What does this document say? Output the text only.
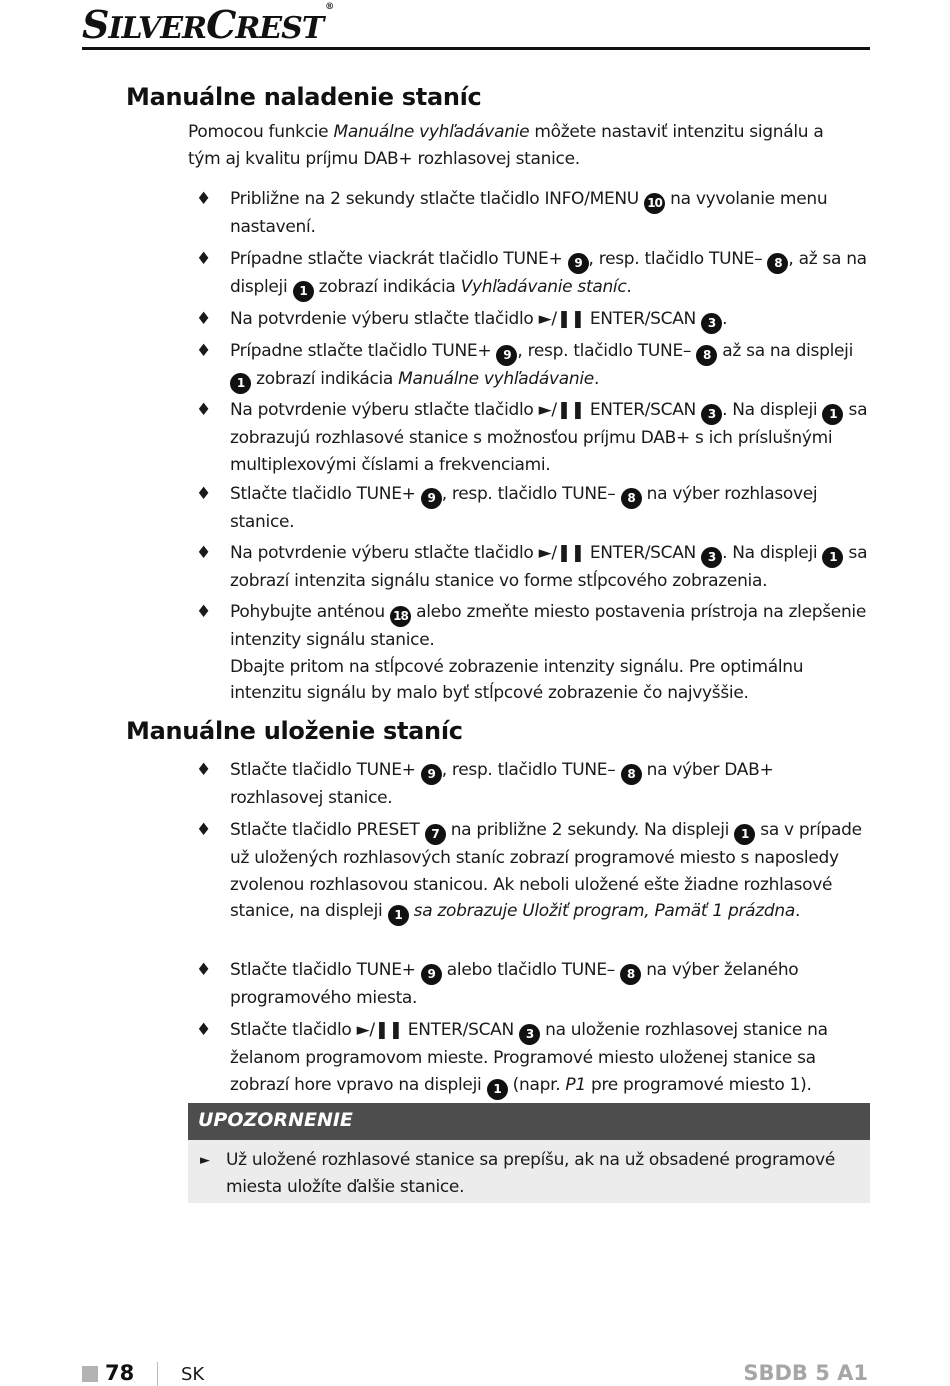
SILVERCREST®
Manuálne naladenie staníc

Pomocou funkcie Manuálne vyhľadávanie môžete nastaviť intenzitu signálu a tým aj kvalitu príjmu DAB+ rozhlasovej stanice.

♦ Približne na 2 sekundy stlačte tlačidlo INFO/MENU 10 na vyvolanie menu nastavení.
♦ Prípadne stlačte viackrát tlačidlo TUNE+ 9 , resp. tlačidlo TUNE– 8 , až sa na displeji 1 zobrazí indikácia Vyhľadávanie staníc.
♦ Na potvrdenie výberu stlačte tlačidlo ►/❚❚ ENTER/SCAN 3 .
♦ Prípadne stlačte tlačidlo TUNE+ 9 , resp. tlačidlo TUNE– 8 až sa na displeji 1 zobrazí indikácia Manuálne vyhľadávanie.
♦ Na potvrdenie výberu stlačte tlačidlo ►/❚❚ ENTER/SCAN 3 . Na displeji 1 sa zobrazujú rozhlasové stanice s možnosťou príjmu DAB+ s ich príslušnými multiplexovými číslami a frekvenciami.
♦ Stlačte tlačidlo TUNE+ 9 , resp. tlačidlo TUNE– 8 na výber rozhlasovej stanice.
♦ Na potvrdenie výberu stlačte tlačidlo ►/❚❚ ENTER/SCAN 3 . Na displeji 1 sa zobrazí intenzita signálu stanice vo forme stĺpcového zobrazenia.
♦ Pohybujte anténou 18 alebo zmeňte miesto postavenia prístroja na zlepšenie intenzity signálu stanice.
Dbajte pritom na stĺpcové zobrazenie intenzity signálu. Pre optimálnu intenzitu signálu by malo byť stĺpcové zobrazenie čo najvyššie.
Manuálne uloženie staníc
♦ Stlačte tlačidlo TUNE+ 9 , resp. tlačidlo TUNE– 8 na výber DAB+ rozhlasovej stanice.
♦ Stlačte tlačidlo PRESET 7 na približne 2 sekundy. Na displeji 1 sa v prípade už uložených rozhlasových staníc zobrazí programové miesto s naposledy zvolenou rozhlasovou stanicou. Ak neboli uložené ešte žiadne rozhlasové stanice, na displeji 1 sa zobrazuje Uložiť program, Pamäť 1 prázdna.
♦ Stlačte tlačidlo TUNE+ 9 alebo tlačidlo TUNE– 8 na výber želaného programového miesta.
♦ Stlačte tlačidlo ►/❚❚ ENTER/SCAN 3 na uloženie rozhlasovej stanice na želanom programovom mieste. Programové miesto uloženej stanice sa zobrazí hore vpravo na displeji 1 (napr. P1 pre programové miesto 1).
UPOZORNENIE
► Už uložené rozhlasové stanice sa prepíšu, ak na už obsadené programové miesta uložíte ďalšie stanice.
78	SK	SBDB 5 A1
